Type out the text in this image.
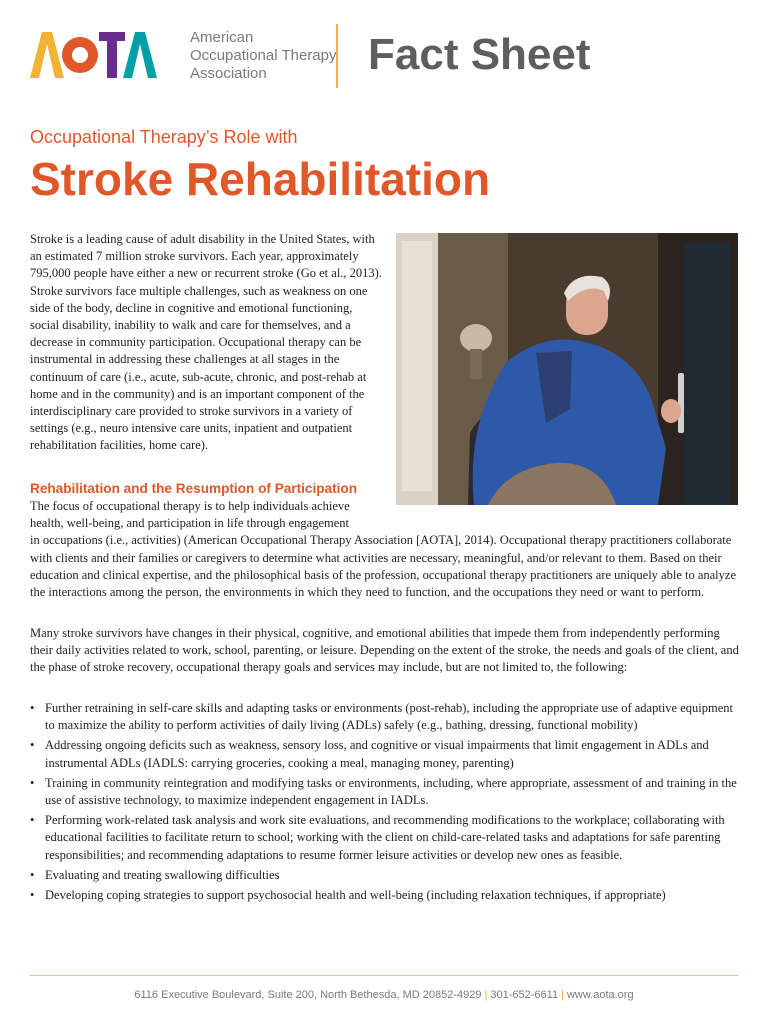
American
Occupational Therapy
Association	Fact Sheet
Occupational Therapy’s Role with
Stroke Rehabilitation

Stroke is a leading cause of adult disability in the United States, with an estimated 7 million stroke survivors. Each year, approximately 795,000 people have either a new or recurrent stroke (Go et al., 2013). Stroke survivors face multiple challenges, such as weakness on one side of the body, decline in cognitive and emotional functioning, social disability, inability to walk and care for themselves, and a decrease in community participation. Occupational therapy can be instrumental in addressing these challenges at all stages in the continuum of care (i.e., acute, sub-acute, chronic, and post-rehab at home and in the community) and is an important component of the interdisciplinary care provided to stroke survivors in a variety of settings (e.g., neuro intensive care units, inpatient and outpatient rehabilitation facilities, home care).

Rehabilitation and the Resumption of Participation

The focus of occupational therapy is to help individuals achieve health, well-being, and participation in life through engagement
in occupations (i.e., activities) (American Occupational Therapy Association [AOTA], 2014). Occupational therapy practitioners collaborate with clients and their families or caregivers to determine what activities are necessary, meaningful, and/or relevant to them. Based on their education and clinical expertise, and the philosophical basis of the profession, occupational therapy practitioners are uniquely able to analyze the interactions among the person, the environments in which they need to function, and the occupations they need or want to perform.

Many stroke survivors have changes in their physical, cognitive, and emotional abilities that impede them from independently performing their daily activities related to work, school, parenting, or leisure. Depending on the extent of the stroke, the needs and goals of the client, and the phase of stroke recovery, occupational therapy goals and services may include, but are not limited to, the following:

• Further retraining in self-care skills and adapting tasks or environments (post-rehab), including the appropriate use of adaptive equipment to maximize the ability to perform activities of daily living (ADLs) safely (e.g., bathing, dressing, functional mobility)
• Addressing ongoing deficits such as weakness, sensory loss, and cognitive or visual impairments that limit engagement in ADLs and instrumental ADLs (IADLS: carrying groceries, cooking a meal, managing money, parenting)
• Training in community reintegration and modifying tasks or environments, including, where appropriate, assessment of and training in the use of assistive technology, to maximize independent engagement in IADLs.
• Performing work-related task analysis and work site evaluations, and recommending modifications to the workplace; collaborating with educational facilities to facilitate return to school; working with the client on child-care-related tasks and adaptations for safe parenting responsibilities; and recommending adaptations to resume former leisure activities or develop new ones as feasible.
• Evaluating and treating swallowing difficulties
• Developing coping strategies to support psychosocial health and well-being (including relaxation techniques, if appropriate)
6116 Executive Boulevard, Suite 200, North Bethesda, MD 20852-4929 | 301-652-6611 | www.aota.org
